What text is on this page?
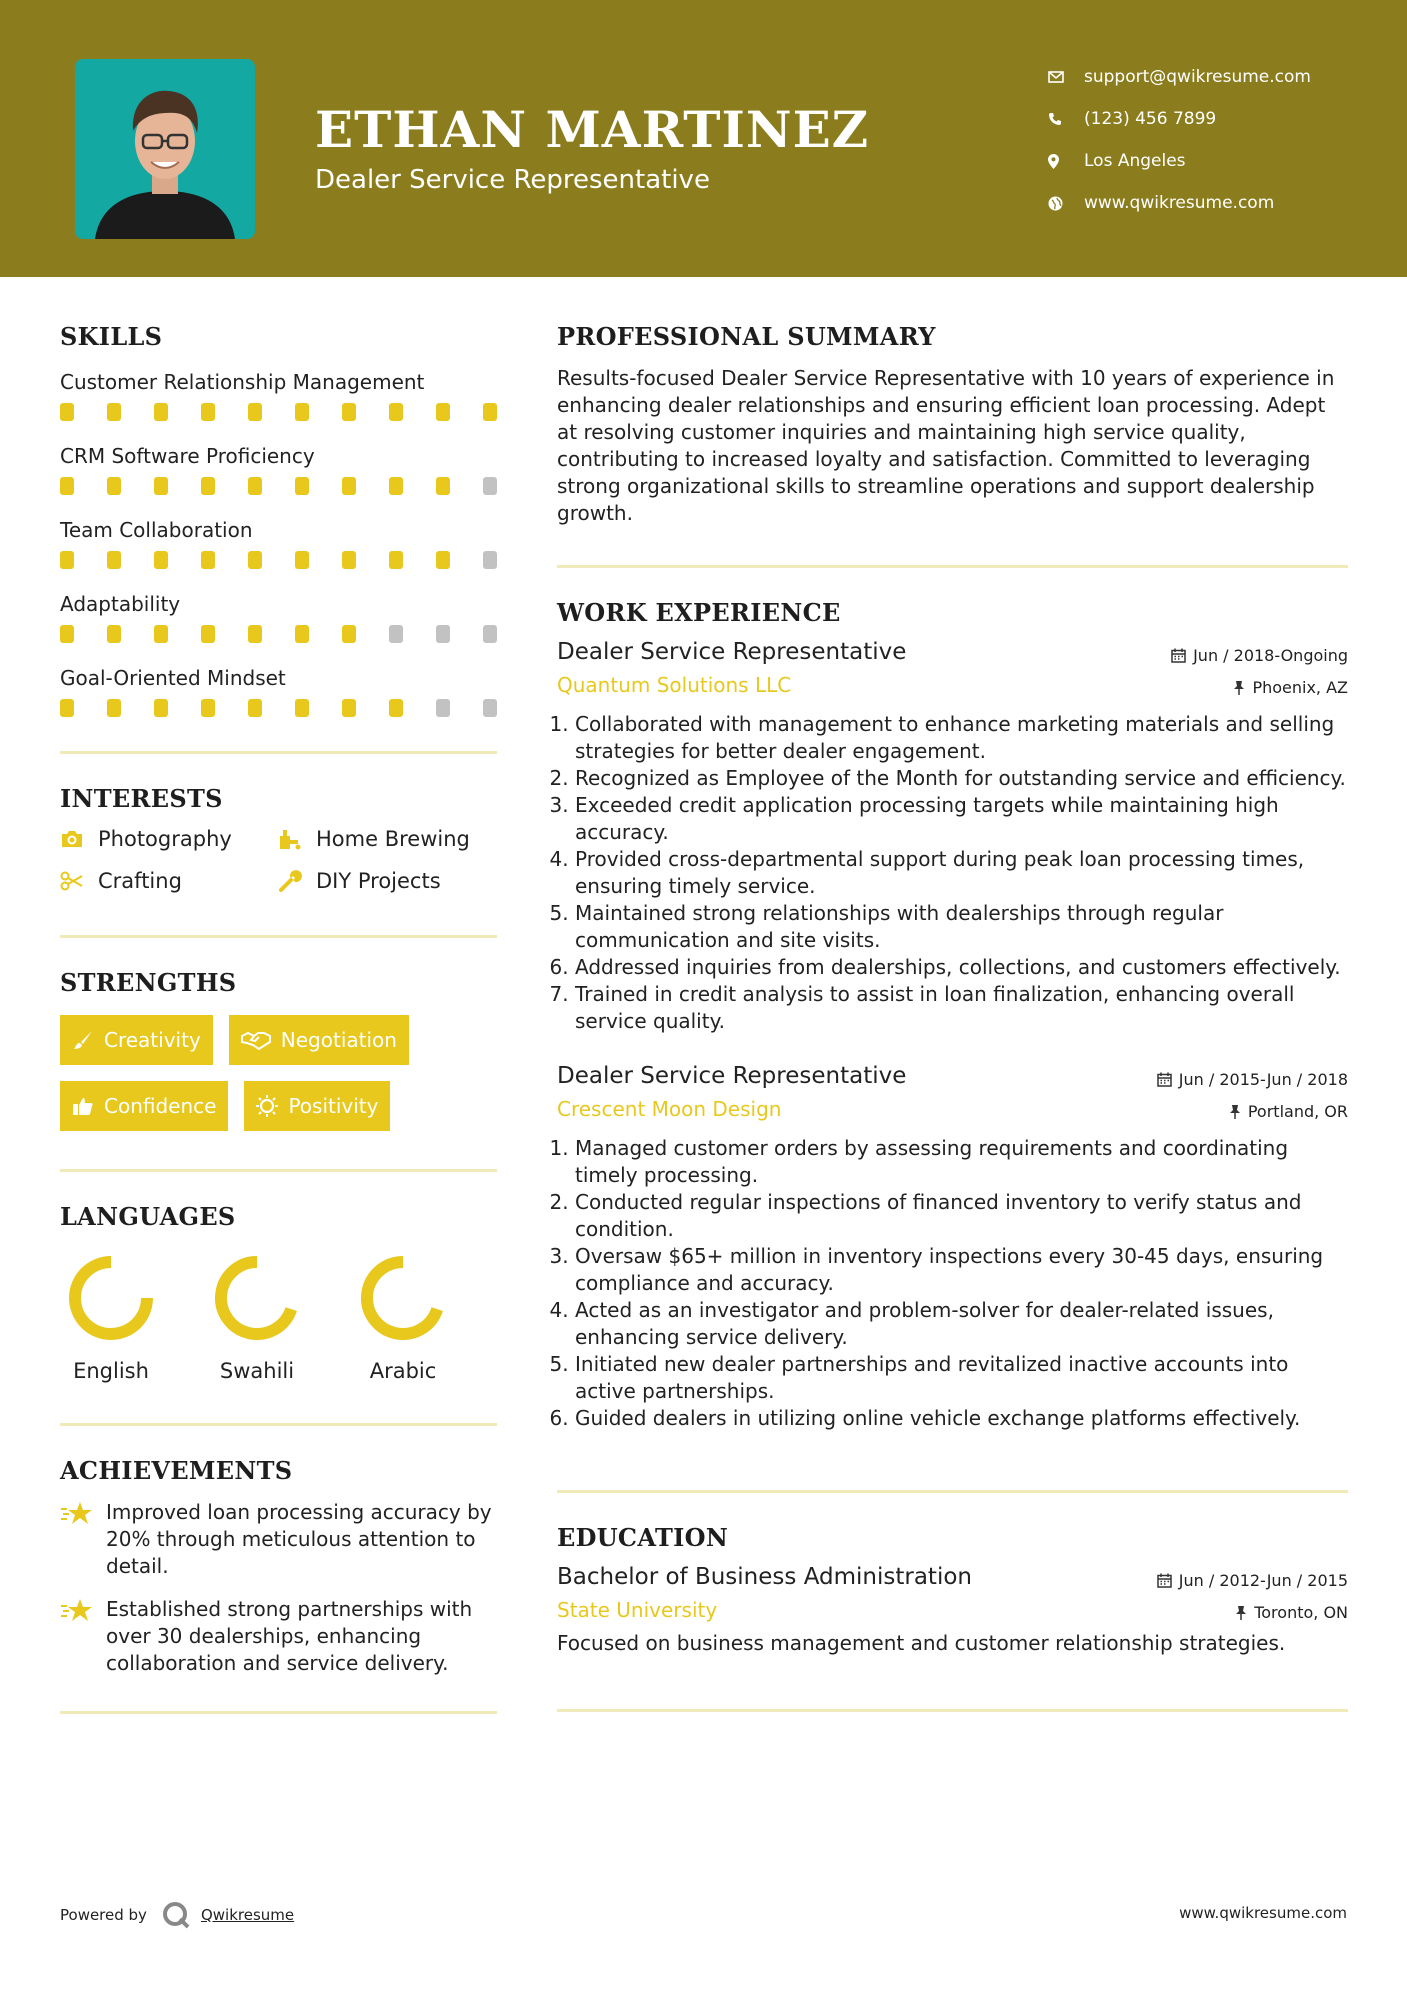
ETHAN MARTINEZ
Dealer Service Representative
support@qwikresume.com
(123) 456 7899
Los Angeles
www.qwikresume.com
SKILLS
Customer Relationship Management
CRM Software Proficiency
Team Collaboration
Adaptability
Goal-Oriented Mindset
INTERESTS
Photography	Home Brewing
Crafting	DIY Projects
STRENGTHS
Creativity	Negotiation
Confidence	Positivity
LANGUAGES
English	Swahili	Arabic
ACHIEVEMENTS
Improved loan processing accuracy by 20% through meticulous attention to detail.
Established strong partnerships with over 30 dealerships, enhancing collaboration and service delivery.
PROFESSIONAL SUMMARY
Results-focused Dealer Service Representative with 10 years of experience in enhancing dealer relationships and ensuring efficient loan processing. Adept at resolving customer inquiries and maintaining high service quality, contributing to increased loyalty and satisfaction. Committed to leveraging strong organizational skills to streamline operations and support dealership growth.
WORK EXPERIENCE
Dealer Service Representative	Jun / 2018-Ongoing
Quantum Solutions LLC	Phoenix, AZ
1. Collaborated with management to enhance marketing materials and selling strategies for better dealer engagement.
2. Recognized as Employee of the Month for outstanding service and efficiency.
3. Exceeded credit application processing targets while maintaining high accuracy.
4. Provided cross-departmental support during peak loan processing times, ensuring timely service.
5. Maintained strong relationships with dealerships through regular communication and site visits.
6. Addressed inquiries from dealerships, collections, and customers effectively.
7. Trained in credit analysis to assist in loan finalization, enhancing overall service quality.
Dealer Service Representative	Jun / 2015-Jun / 2018
Crescent Moon Design	Portland, OR
1. Managed customer orders by assessing requirements and coordinating timely processing.
2. Conducted regular inspections of financed inventory to verify status and condition.
3. Oversaw $65+ million in inventory inspections every 30-45 days, ensuring compliance and accuracy.
4. Acted as an investigator and problem-solver for dealer-related issues, enhancing service delivery.
5. Initiated new dealer partnerships and revitalized inactive accounts into active partnerships.
6. Guided dealers in utilizing online vehicle exchange platforms effectively.
EDUCATION
Bachelor of Business Administration	Jun / 2012-Jun / 2015
State University	Toronto, ON
Focused on business management and customer relationship strategies.
Powered by	Qwikresume	www.qwikresume.com
